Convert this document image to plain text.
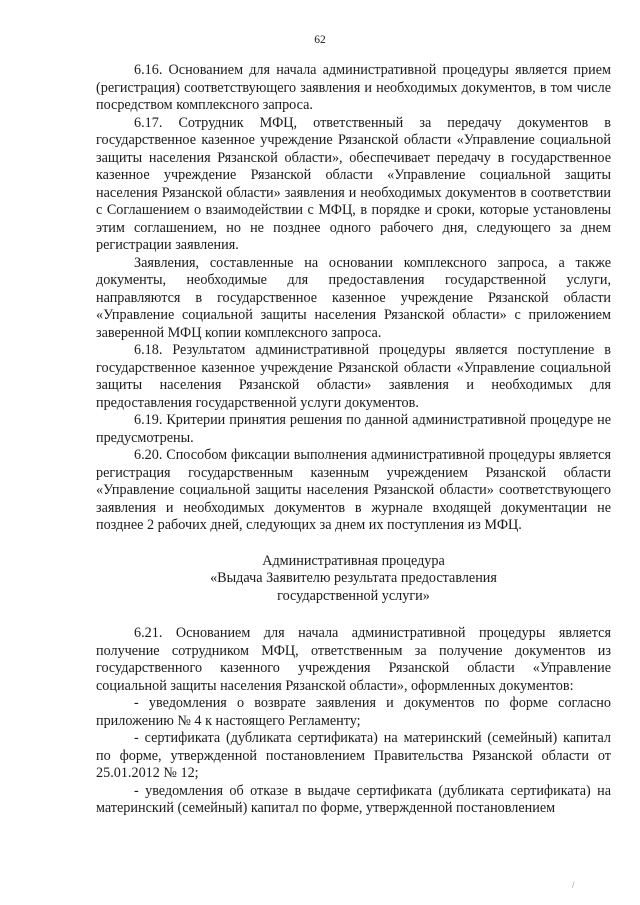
62

6.16. Основанием для начала административной процедуры является прием (регистрация) соответствующего заявления и необходимых документов, в том числе посредством комплексного запроса.

6.17. Сотрудник МФЦ, ответственный за передачу документов в государственное казенное учреждение Рязанской области «Управление социальной защиты населения Рязанской области», обеспечивает передачу в государственное казенное учреждение Рязанской области «Управление социальной защиты населения Рязанской области» заявления и необходимых документов в соответствии с Соглашением о взаимодействии с МФЦ, в порядке и сроки, которые установлены этим соглашением, но не позднее одного рабочего дня, следующего за днем регистрации заявления.

Заявления, составленные на основании комплексного запроса, а также документы, необходимые для предоставления государственной услуги, направляются в государственное казенное учреждение Рязанской области «Управление социальной защиты населения Рязанской области» с приложением заверенной МФЦ копии комплексного запроса.

6.18. Результатом административной процедуры является поступление в государственное казенное учреждение Рязанской области «Управление социальной защиты населения Рязанской области» заявления и необходимых для предоставления государственной услуги документов.

6.19. Критерии принятия решения по данной административной процедуре не предусмотрены.

6.20. Способом фиксации выполнения административной процедуры является регистрация государственным казенным учреждением Рязанской области «Управление социальной защиты населения Рязанской области» соответствующего заявления и необходимых документов в журнале входящей документации не позднее 2 рабочих дней, следующих за днем их поступления из МФЦ.

Административная процедура
«Выдача Заявителю результата предоставления
государственной услуги»

6.21. Основанием для начала административной процедуры является получение сотрудником МФЦ, ответственным за получение документов из государственного казенного учреждения Рязанской области «Управление социальной защиты населения Рязанской области», оформленных документов:

- уведомления о возврате заявления и документов по форме согласно приложению № 4 к настоящего Регламенту;

- сертификата (дубликата сертификата) на материнский (семейный) капитал по форме, утвержденной постановлением Правительства Рязанской области от 25.01.2012 № 12;

- уведомления об отказе в выдаче сертификата (дубликата сертификата) на материнский (семейный) капитал по форме, утвержденной постановлением

/
